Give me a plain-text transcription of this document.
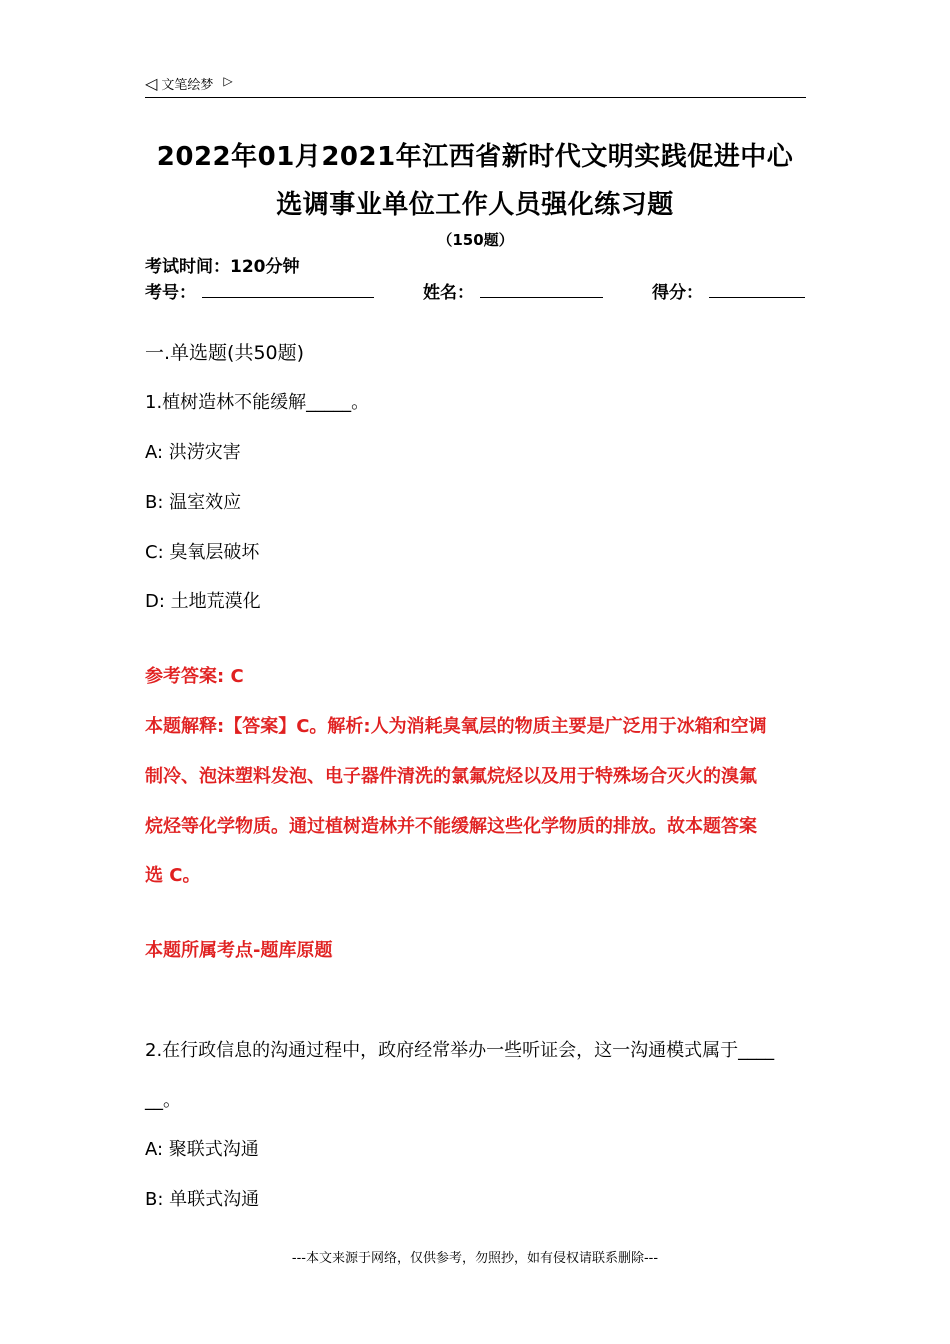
◁ 文笔绘梦 ▷
2022年01月2021年江西省新时代文明实践促进中心
选调事业单位工作人员强化练习题
（150题）
考试时间：120分钟
考号：	姓名：	得分：
一.单选题(共50题)
1.植树造林不能缓解_____。
A: 洪涝灾害
B: 温室效应
C: 臭氧层破坏
D: 土地荒漠化
参考答案: C
本题解释:【答案】C。解析:人为消耗臭氧层的物质主要是广泛用于冰箱和空调
制冷、泡沫塑料发泡、电子器件清洗的氯氟烷烃以及用于特殊场合灭火的溴氟
烷烃等化学物质。通过植树造林并不能缓解这些化学物质的排放。故本题答案
选 C。
本题所属考点-题库原题
2.在行政信息的沟通过程中，政府经常举办一些听证会，这一沟通模式属于____
__。
A: 聚联式沟通
B: 单联式沟通
---本文来源于网络，仅供参考，勿照抄，如有侵权请联系删除---
